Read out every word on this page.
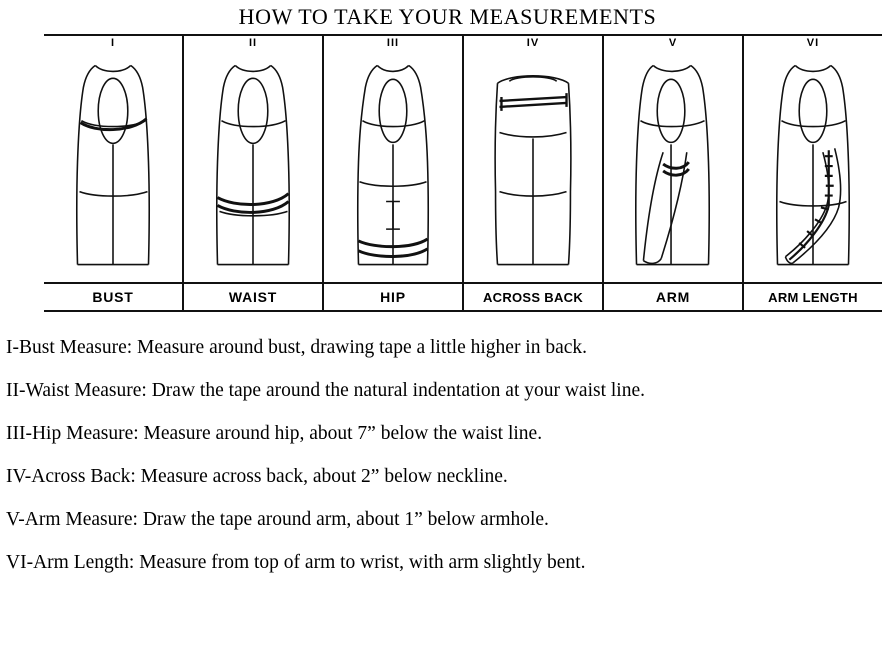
HOW TO TAKE YOUR MEASUREMENTS
I	II	III	IV	V	VI
BUST	WAIST	HIP	ACROSS BACK	ARM	ARM LENGTH

I-Bust Measure: Measure around bust, drawing tape a little higher in back.

II-Waist Measure: Draw the tape around the natural indentation at your waist line.

III-Hip Measure: Measure around hip, about 7” below the waist line.

IV-Across Back: Measure across back, about 2” below neckline.

V-Arm Measure: Draw the tape around arm, about 1” below armhole.

VI-Arm Length: Measure from top of arm to wrist, with arm slightly bent.
